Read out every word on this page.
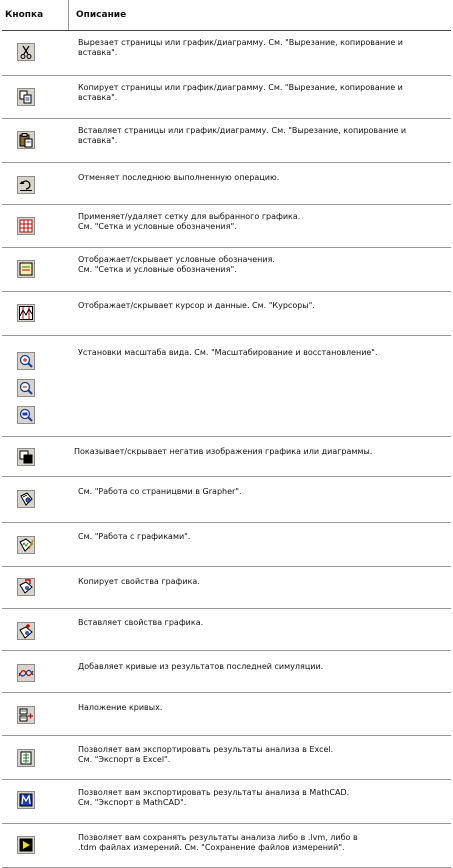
Кнопка	Описание
Вырезает страницы или график/диаграмму. См. "Вырезание, копирование и вставка".
Копирует страницы или график/диаграмму. См. "Вырезание, копирование и вставка".
Вставляет страницы или график/диаграмму. См. "Вырезание, копирование и вставка".
Отменяет последнюю выполненную операцию.
Применяет/удаляет сетку для выбранного графика.
См. "Сетка и условные обозначения".
Отображает/скрывает условные обозначения.
См. "Сетка и условные обозначения".
Отображает/скрывает курсор и данные. См. "Курсоры".
Установки масштаба вида. См. "Масштабирование и восстановление".
Показывает/скрывает негатив изображения графика или диаграммы.
См. "Работа со страницвми в Grapher".
См. "Работа с графиками".
Копирует свойства графика.
Вставляет свойства графика.
Добавляет кривые из результатов последней симуляции.
Наложение кривых.
Позволяет вам экспортировать результаты анализа в Excel.
См. "Экспорт в Excel".
Позволяет вам экспортировать результаты анализа в MathCAD.
См. "Экспорт в MathCAD".
Позволяет вам сохранять результаты анализа либо в .lvm, либо в
.tdm файлах измерений. См. "Сохранение файлов измерений".
